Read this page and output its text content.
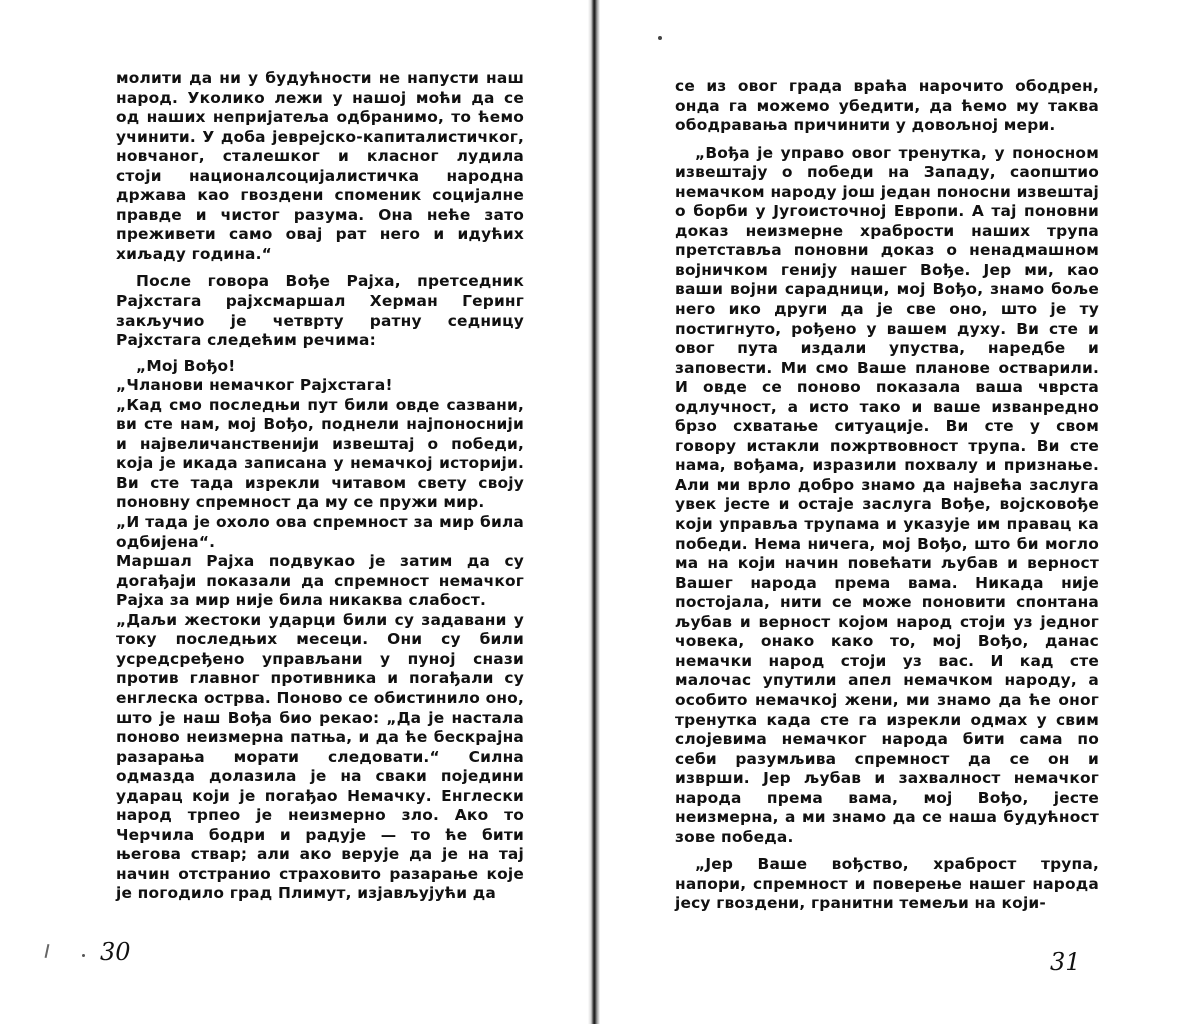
молити да ни у будућности не напусти наш народ. Уколико лежи у нашој моћи да се од наших непријатеља одбранимо, то ћемо учинити. У доба јеврејско-капиталистичког, новчаног, сталешког и класног лудила стоји националсоцијалистичка народна држава као гвоздени споменик социјалне правде и чистог разума. Она неће зато преживети само овај рат него и идућих хиљаду година.“

После говора Вође Рајха, претседник Рајхстага рајхсмаршал Херман Геринг закључио је четврту ратну седницу Рајхстага следећим речима:

„Мој Вођо!

„Чланови немачког Рајхстага!

„Кад смо последњи пут били овде сазвани, ви сте нам, мој Вођо, поднели најпоноснији и највеличанственији извештај о победи, која је икада записана у немачкој историји. Ви сте тада изрекли читавом свету своју поновну спремност да му се пружи мир.

„И тада је охоло ова спремност за мир била одбијена“.

Маршал Рајха подвукао је затим да су догађаји показали да спремност немачког Рајха за мир није била никаква слабост.

„Даљи жестоки ударци били су задавани у току последњих месеци. Они су били усредсређено управљани у пуној снази против главног противника и погађали су енглеска острва. Поново се обистинило оно, што је наш Вођа био рекао: „Да је настала поново неизмерна патња, и да ће бескрајна разарања морати следовати.“ Силна одмазда долазила је на сваки поједини ударац који је погађао Немачку. Енглески народ трпео је неизмерно зло. Ако то Черчила бодри и радује — то ће бити његова ствар; али ако верује да је на тај начин отстранио страховито разарање које је погодило град Плимут, изјављујући да

30

се из овог града враћа нарочито ободрен, онда га можемо убедити, да ћемо му таква ободравања причинити у довољној мери.

„Вођа је управо овог тренутка, у поносном извештају о победи на Западу, саопштио немачком народу још један поносни извештај о борби у Југоисточној Европи. А тај поновни доказ неизмерне храбрости наших трупа претставља поновни доказ о ненадмашном војничком генију нашег Вође. Јер ми, као ваши војни сарадници, мој Вођо, знамо боље него ико други да је све оно, што је ту постигнуто, рођено у вашем духу. Ви сте и овог пута издали упуства, наредбе и заповести. Ми смо Ваше планове остварили. И овде се поново показала ваша чврста одлучност, а исто тако и ваше изванредно брзо схватање ситуације. Ви сте у свом говору истакли пожртвовност трупа. Ви сте нама, вођама, изразили похвалу и признање. Али ми врло добро знамо да највећа заслуга увек јесте и остаје заслуга Вође, војсковође који управља трупама и указује им правац ка победи. Нема ничега, мој Вођо, што би могло ма на који начин повећати љубав и верност Вашег народа према вама. Никада није постојала, нити се може поновити спонтана љубав и верност којом народ стоји уз једног човека, онако како то, мој Вођо, данас немачки народ стоји уз вас. И кад сте малочас упутили апел немачком народу, а особито немачкој жени, ми знамо да ће оног тренутка када сте га изрекли одмах у свим слојевима немачког народа бити сама по себи разумљива спремност да се он и изврши. Јер љубав и захвалност немачког народа према вама, мој Вођо, јесте неизмерна, а ми знамо да се наша будућност зове победа.

„Јер Ваше вођство, храброст трупа, напори, спремност и поверење нашег народа јесу гвоздени, гранитни темељи на који-

31
